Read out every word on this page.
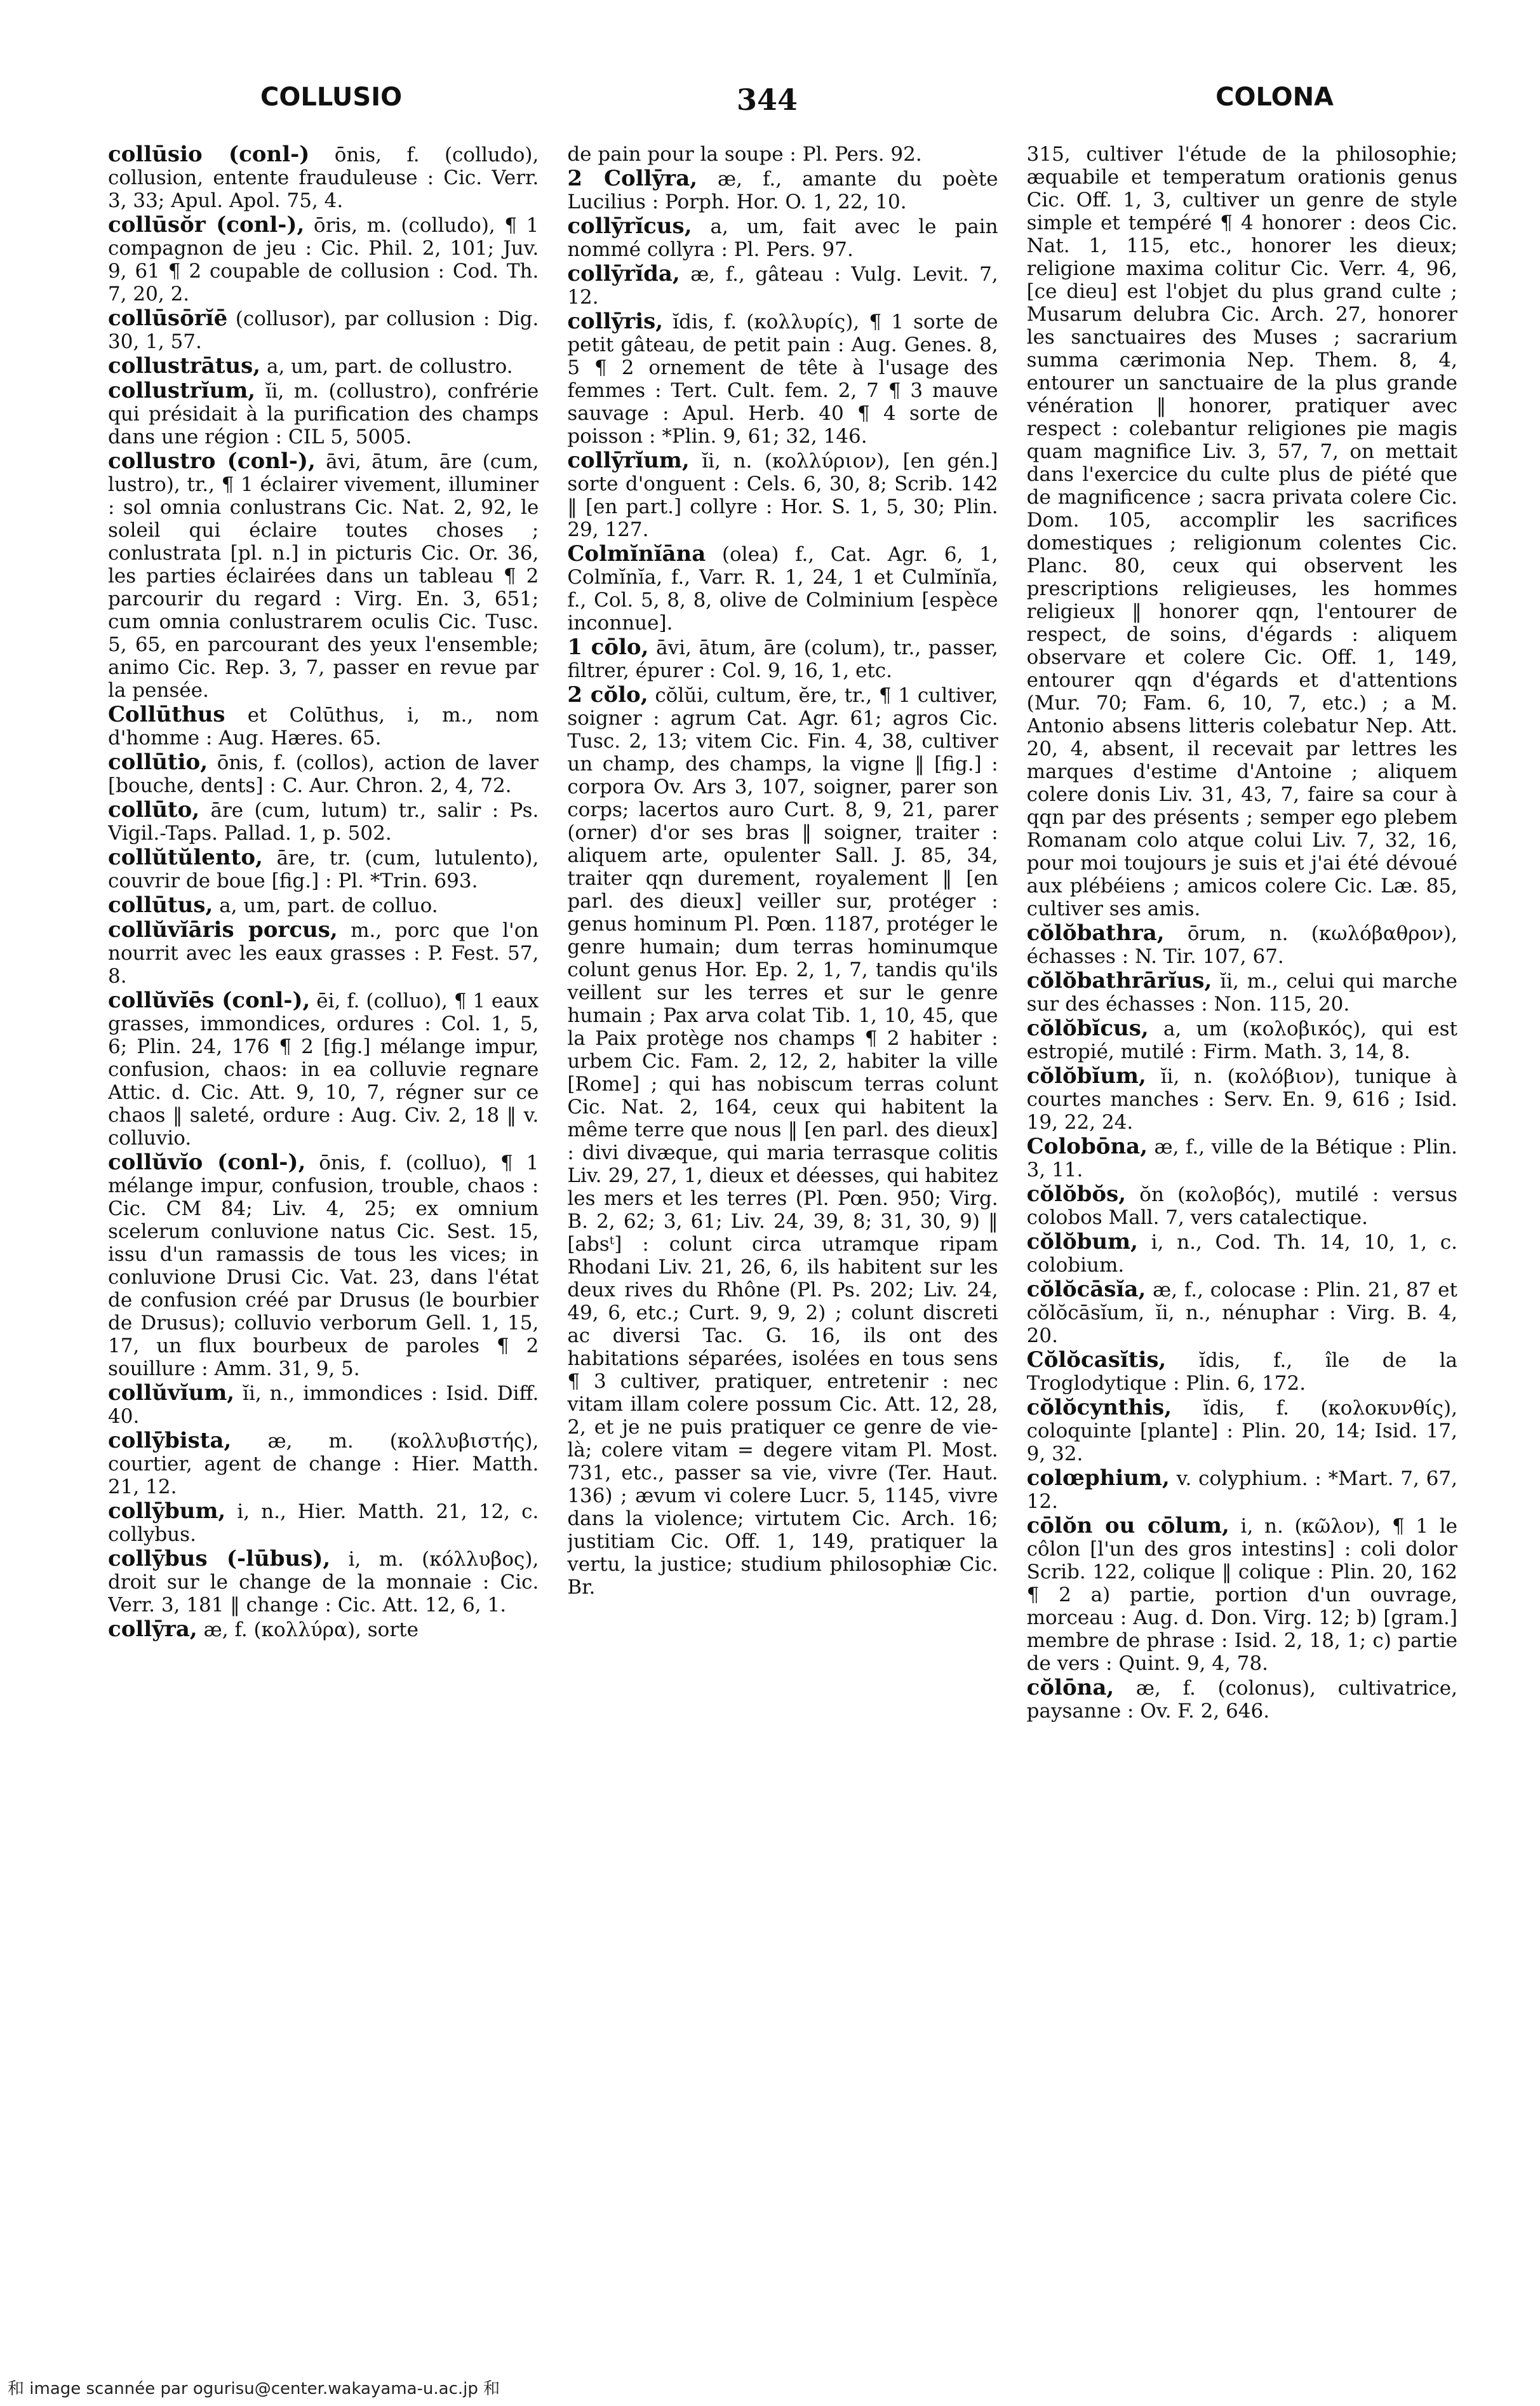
COLLUSIO	344	COLONA

collūsio (conl-) ōnis, f. (colludo), collusion, entente frauduleuse : Cic. Verr. 3, 33; Apul. Apol. 75, 4.

collūsŏr (conl-), ōris, m. (colludo), ¶ 1 compagnon de jeu : Cic. Phil. 2, 101; Juv. 9, 61 ¶ 2 coupable de collusion : Cod. Th. 7, 20, 2.

collūsōrĭē (collusor), par collusion : Dig. 30, 1, 57.

collustrātus, a, um, part. de collustro.

collustrĭum, ĭi, m. (collustro), confrérie qui présidait à la purification des champs dans une région : CIL 5, 5005.

collustro (conl-), āvi, ātum, āre (cum, lustro), tr., ¶ 1 éclairer vivement, illuminer : sol omnia conlustrans Cic. Nat. 2, 92, le soleil qui éclaire toutes choses ; conlustrata [pl. n.] in picturis Cic. Or. 36, les parties éclairées dans un tableau ¶ 2 parcourir du regard : Virg. En. 3, 651; cum omnia conlustrarem oculis Cic. Tusc. 5, 65, en parcourant des yeux l'ensemble; animo Cic. Rep. 3, 7, passer en revue par la pensée.

Collūthus et Colūthus, i, m., nom d'homme : Aug. Hæres. 65.

collūtio, ōnis, f. (collos), action de laver [bouche, dents] : C. Aur. Chron. 2, 4, 72.

collūto, āre (cum, lutum) tr., salir : Ps. Vigil.-Taps. Pallad. 1, p. 502.

collŭtŭlento, āre, tr. (cum, lutulento), couvrir de boue [fig.] : Pl. *Trin. 693.

collūtus, a, um, part. de colluo.

collŭvĭāris porcus, m., porc que l'on nourrit avec les eaux grasses : P. Fest. 57, 8.

collŭvĭēs (conl-), ēi, f. (colluo), ¶ 1 eaux grasses, immondices, ordures : Col. 1, 5, 6; Plin. 24, 176 ¶ 2 [fig.] mélange impur, confusion, chaos: in ea colluvie regnare Attic. d. Cic. Att. 9, 10, 7, régner sur ce chaos ‖ saleté, ordure : Aug. Civ. 2, 18 ‖ v. colluvio.

collŭvĭo (conl-), ōnis, f. (colluo), ¶ 1 mélange impur, confusion, trouble, chaos : Cic. CM 84; Liv. 4, 25; ex omnium scelerum conluvione natus Cic. Sest. 15, issu d'un ramassis de tous les vices; in conluvione Drusi Cic. Vat. 23, dans l'état de confusion créé par Drusus (le bourbier de Drusus); colluvio verborum Gell. 1, 15, 17, un flux bourbeux de paroles ¶ 2 souillure : Amm. 31, 9, 5.

collŭvĭum, ĭi, n., immondices : Isid. Diff. 40.

collȳbista, æ, m. (κολλυβιστής), courtier, agent de change : Hier. Matth. 21, 12.

collȳbum, i, n., Hier. Matth. 21, 12, c. collybus.

collȳbus (-lūbus), i, m. (κόλλυβος), droit sur le change de la monnaie : Cic. Verr. 3, 181 ‖ change : Cic. Att. 12, 6, 1.

collȳra, æ, f. (κολλύρα), sorte

de pain pour la soupe : Pl. Pers. 92.

2 Collȳra, æ, f., amante du poète Lucilius : Porph. Hor. O. 1, 22, 10.

collȳrĭcus, a, um, fait avec le pain nommé collyra : Pl. Pers. 97.

collȳrĭda, æ, f., gâteau : Vulg. Levit. 7, 12.

collȳris, ĭdis, f. (κολλυρίς), ¶ 1 sorte de petit gâteau, de petit pain : Aug. Genes. 8, 5 ¶ 2 ornement de tête à l'usage des femmes : Tert. Cult. fem. 2, 7 ¶ 3 mauve sauvage : Apul. Herb. 40 ¶ 4 sorte de poisson : *Plin. 9, 61; 32, 146.

collȳrĭum, ĭi, n. (κολλύριον), [en gén.] sorte d'onguent : Cels. 6, 30, 8; Scrib. 142 ‖ [en part.] collyre : Hor. S. 1, 5, 30; Plin. 29, 127.

Colmĭnĭāna (olea) f., Cat. Agr. 6, 1, Colmĭnĭa, f., Varr. R. 1, 24, 1 et Culmĭnĭa, f., Col. 5, 8, 8, olive de Colminium [espèce inconnue].

1 cōlo, āvi, ātum, āre (colum), tr., passer, filtrer, épurer : Col. 9, 16, 1, etc.

2 cŏlo, cŏlŭi, cultum, ĕre, tr., ¶ 1 cultiver, soigner : agrum Cat. Agr. 61; agros Cic. Tusc. 2, 13; vitem Cic. Fin. 4, 38, cultiver un champ, des champs, la vigne ‖ [fig.] : corpora Ov. Ars 3, 107, soigner, parer son corps; lacertos auro Curt. 8, 9, 21, parer (orner) d'or ses bras ‖ soigner, traiter : aliquem arte, opulenter Sall. J. 85, 34, traiter qqn durement, royalement ‖ [en parl. des dieux] veiller sur, protéger : genus hominum Pl. Pœn. 1187, protéger le genre humain; dum terras hominumque colunt genus Hor. Ep. 2, 1, 7, tandis qu'ils veillent sur les terres et sur le genre humain ; Pax arva colat Tib. 1, 10, 45, que la Paix protège nos champs ¶ 2 habiter : urbem Cic. Fam. 2, 12, 2, habiter la ville [Rome] ; qui has nobiscum terras colunt Cic. Nat. 2, 164, ceux qui habitent la même terre que nous ‖ [en parl. des dieux] : divi divæque, qui maria terrasque colitis Liv. 29, 27, 1, dieux et déesses, qui habitez les mers et les terres (Pl. Pœn. 950; Virg. B. 2, 62; 3, 61; Liv. 24, 39, 8; 31, 30, 9) ‖ [absᵗ] : colunt circa utramque ripam Rhodani Liv. 21, 26, 6, ils habitent sur les deux rives du Rhône (Pl. Ps. 202; Liv. 24, 49, 6, etc.; Curt. 9, 9, 2) ; colunt discreti ac diversi Tac. G. 16, ils ont des habitations séparées, isolées en tous sens ¶ 3 cultiver, pratiquer, entretenir : nec vitam illam colere possum Cic. Att. 12, 28, 2, et je ne puis pratiquer ce genre de vie-là; colere vitam = degere vitam Pl. Most. 731, etc., passer sa vie, vivre (Ter. Haut. 136) ; ævum vi colere Lucr. 5, 1145, vivre dans la violence; virtutem Cic. Arch. 16; justitiam Cic. Off. 1, 149, pratiquer la vertu, la justice; studium philosophiæ Cic. Br.

315, cultiver l'étude de la philosophie; æquabile et temperatum orationis genus Cic. Off. 1, 3, cultiver un genre de style simple et tempéré ¶ 4 honorer : deos Cic. Nat. 1, 115, etc., honorer les dieux; religione maxima colitur Cic. Verr. 4, 96, [ce dieu] est l'objet du plus grand culte ; Musarum delubra Cic. Arch. 27, honorer les sanctuaires des Muses ; sacrarium summa cærimonia Nep. Them. 8, 4, entourer un sanctuaire de la plus grande vénération ‖ honorer, pratiquer avec respect : colebantur religiones pie magis quam magnifice Liv. 3, 57, 7, on mettait dans l'exercice du culte plus de piété que de magnificence ; sacra privata colere Cic. Dom. 105, accomplir les sacrifices domestiques ; religionum colentes Cic. Planc. 80, ceux qui observent les prescriptions religieuses, les hommes religieux ‖ honorer qqn, l'entourer de respect, de soins, d'égards : aliquem observare et colere Cic. Off. 1, 149, entourer qqn d'égards et d'attentions (Mur. 70; Fam. 6, 10, 7, etc.) ; a M. Antonio absens litteris colebatur Nep. Att. 20, 4, absent, il recevait par lettres les marques d'estime d'Antoine ; aliquem colere donis Liv. 31, 43, 7, faire sa cour à qqn par des présents ; semper ego plebem Romanam colo atque colui Liv. 7, 32, 16, pour moi toujours je suis et j'ai été dévoué aux plébéiens ; amicos colere Cic. Læ. 85, cultiver ses amis.

cŏlŏbathra, ōrum, n. (κωλόβαθρον), échasses : N. Tir. 107, 67.

cŏlŏbathrārĭus, ĭi, m., celui qui marche sur des échasses : Non. 115, 20.

cŏlŏbĭcus, a, um (κολοβικός), qui est estropié, mutilé : Firm. Math. 3, 14, 8.

cŏlŏbĭum, ĭi, n. (κολόβιον), tunique à courtes manches : Serv. En. 9, 616 ; Isid. 19, 22, 24.

Colobōna, æ, f., ville de la Bétique : Plin. 3, 11.

cŏlŏbŏs, ŏn (κολοβός), mutilé : versus colobos Mall. 7, vers catalectique.

cŏlŏbum, i, n., Cod. Th. 14, 10, 1, c. colobium.

cŏlŏcāsĭa, æ, f., colocase : Plin. 21, 87 et cŏlŏcāsĭum, ĭi, n., nénuphar : Virg. B. 4, 20.

Cŏlŏcasĭtis, ĭdis, f., île de la Troglodytique : Plin. 6, 172.

cŏlŏcynthis, ĭdis, f. (κολοκυνθίς), coloquinte [plante] : Plin. 20, 14; Isid. 17, 9, 32.

colœphium, v. colyphium. : *Mart. 7, 67, 12.

cōlŏn ou cōlum, i, n. (κῶλον), ¶ 1 le côlon [l'un des gros intestins] : coli dolor Scrib. 122, colique ‖ colique : Plin. 20, 162 ¶ 2 a) partie, portion d'un ouvrage, morceau : Aug. d. Don. Virg. 12; b) [gram.] membre de phrase : Isid. 2, 18, 1; c) partie de vers : Quint. 9, 4, 78.

cŏlōna, æ, f. (colonus), cultivatrice, paysanne : Ov. F. 2, 646.

和 image scannée par ogurisu@center.wakayama-u.ac.jp 和
